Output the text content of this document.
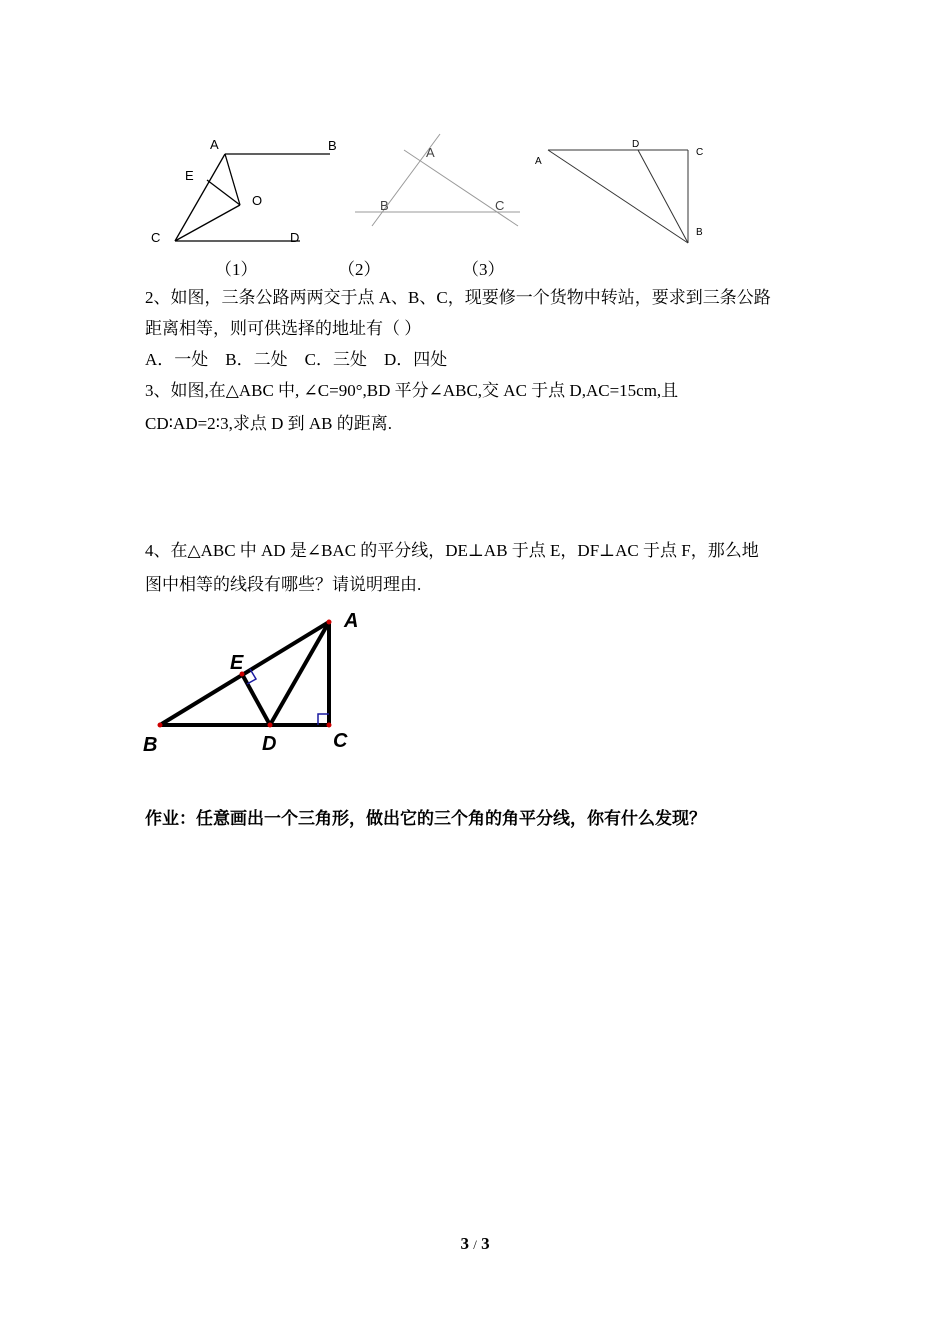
A	B
E
O
C	D
A
B	C
A
D
C
B
（1）	（2）	（3）
2、如图，三条公路两两交于点 A、B、C，现要修一个货物中转站，要求到三条公路
距离相等，则可供选择的地址有（ ）
A．一处    B．二处    C．三处    D．四处
3、如图,在△ABC 中, ∠C=90°,BD 平分∠ABC,交 AC 于点 D,AC=15cm,且
CD∶AD=2∶3,求点 D 到 AB 的距离.
4、在△ABC 中 AD 是∠BAC 的平分线，DE⊥AB 于点 E，DF⊥AC 于点 F，那么地
图中相等的线段有哪些？请说明理由.
A
E
B	D	C
作业：任意画出一个三角形，做出它的三个角的角平分线，你有什么发现？
3 / 3
